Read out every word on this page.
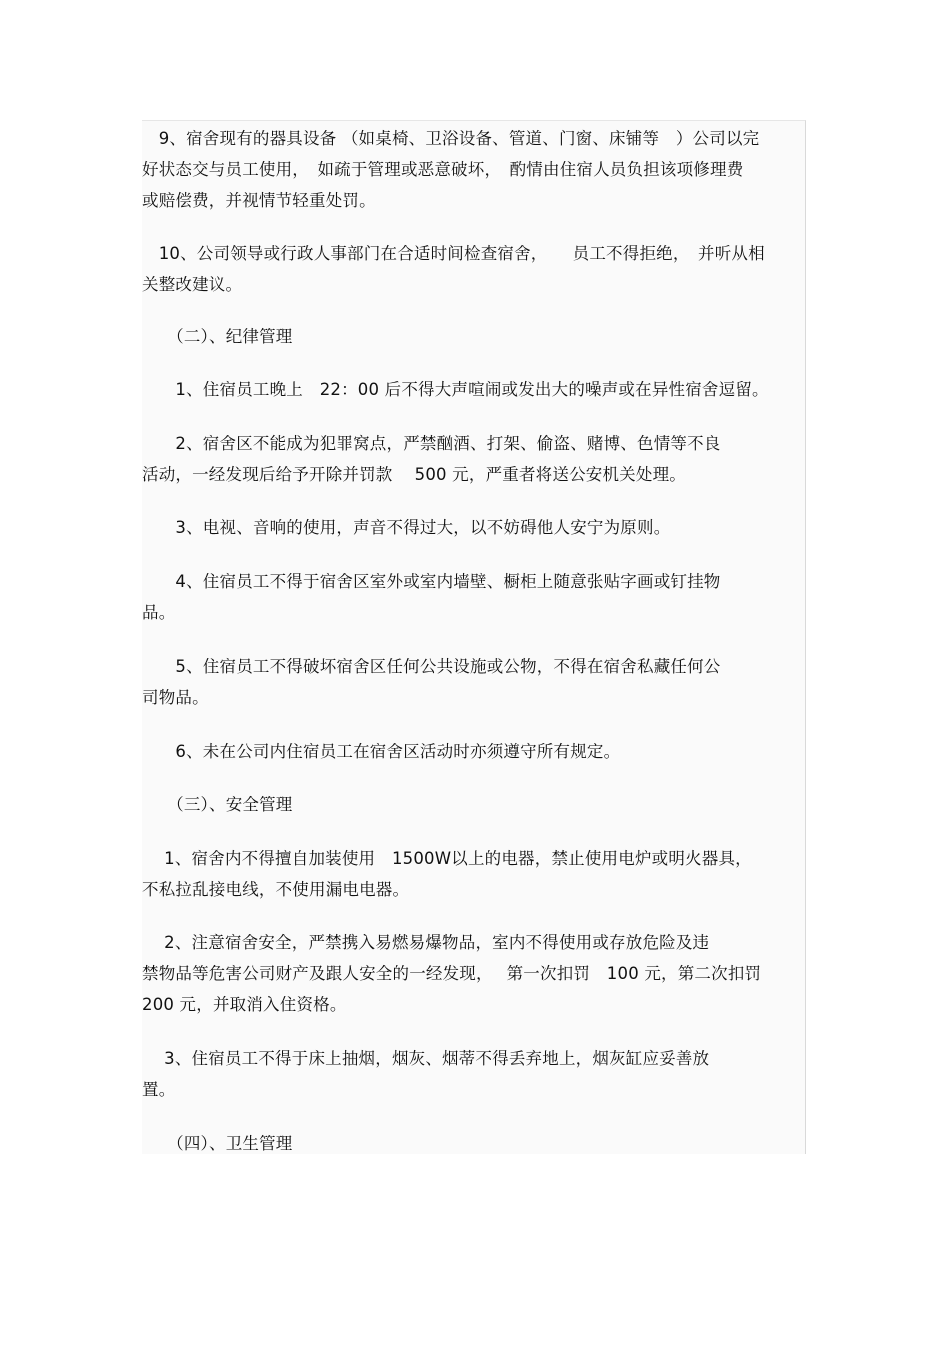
　9、宿舍现有的器具设备 （如桌椅、卫浴设备、管道、门窗、床铺等　）公司以完
好状态交与员工使用，　如疏于管理或恶意破坏，　酌情由住宿人员负担该项修理费
或赔偿费，并视情节轻重处罚。
　10、公司领导或行政人事部门在合适时间检查宿舍，　　员工不得拒绝，　并听从相
关整改建议。
　　（二）、纪律管理
　　1、住宿员工晚上　22：00 后不得大声喧闹或发出大的噪声或在异性宿舍逗留。
　　2、宿舍区不能成为犯罪窝点，严禁酗酒、打架、偷盗、赌博、色情等不良
活动，一经发现后给予开除并罚款　 500 元，严重者将送公安机关处理。
　　3、电视、音响的使用，声音不得过大，以不妨碍他人安宁为原则。
　　4、住宿员工不得于宿舍区室外或室内墙壁、橱柜上随意张贴字画或钉挂物
品。
　　5、住宿员工不得破坏宿舍区任何公共设施或公物，不得在宿舍私藏任何公
司物品。
　　6、未在公司内住宿员工在宿舍区活动时亦须遵守所有规定。
　　（三）、安全管理
　 1、宿舍内不得擅自加装使用　1500W以上的电器，禁止使用电炉或明火器具，
不私拉乱接电线，不使用漏电电器。
　 2、注意宿舍安全，严禁携入易燃易爆物品，室内不得使用或存放危险及违
禁物品等危害公司财产及跟人安全的一经发现，　 第一次扣罚　100 元，第二次扣罚
200 元，并取消入住资格。
　 3、住宿员工不得于床上抽烟，烟灰、烟蒂不得丢弃地上，烟灰缸应妥善放
置。
　　（四）、卫生管理
